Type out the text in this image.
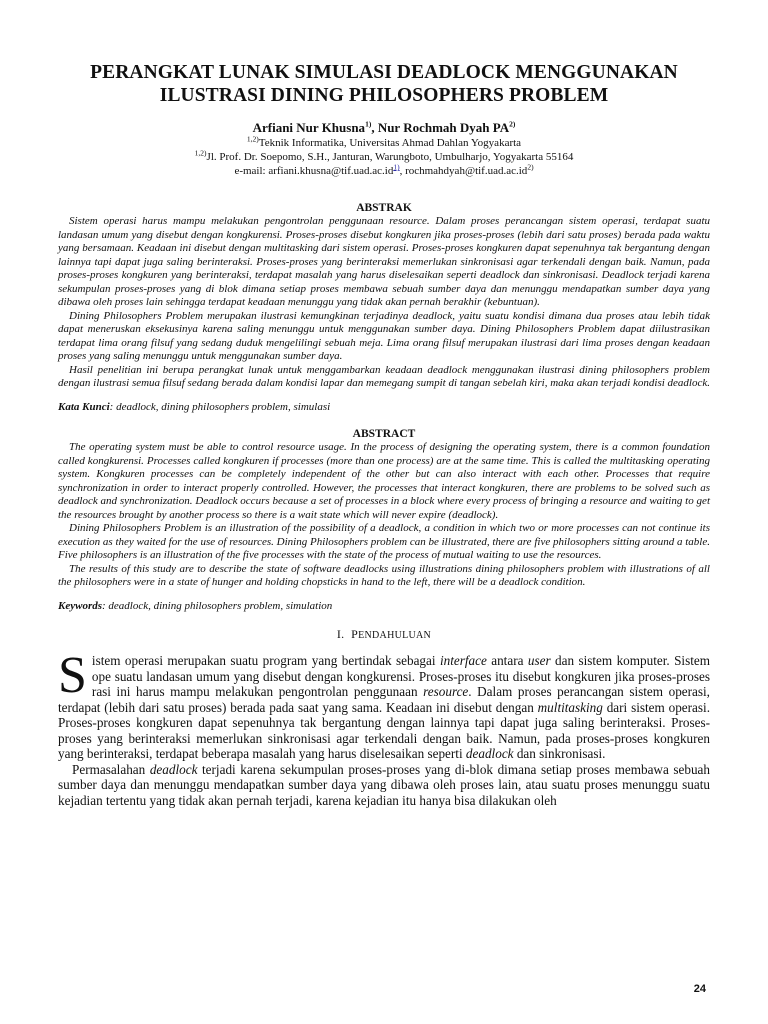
PERANGKAT LUNAK SIMULASI DEADLOCK MENGGUNAKAN
ILUSTRASI DINING PHILOSOPHERS PROBLEM
Arfiani Nur Khusna$^{1)}$, Nur Rochmah Dyah PA$^{2)}$
$^{1,2)}$Teknik Informatika, Universitas Ahmad Dahlan Yogyakarta
$^{1,2)}$Jl. Prof. Dr. Soepomo, S.H., Janturan, Warungboto, Umbulharjo, Yogyakarta 55164
e-mail: arfiani.khusna@tif.uad.ac.id$^{1)}$, $rochmahdyah@tif.uad.ac.id^{2)}$
ABSTRAK

Sistem operasi harus mampu melakukan pengontrolan penggunaan resource. Dalam proses perancangan sistem operasi, terdapat suatu landasan umum yang disebut dengan kongkurensi. Proses-proses disebut kongkuren jika proses-proses (lebih dari satu proses) berada pada waktu yang bersamaan. Keadaan ini disebut dengan multitasking dari sistem operasi. Proses-proses kongkuren dapat sepenuhnya tak bergantung dengan lainnya tapi dapat juga saling berinteraksi. Proses-proses yang berinteraksi memerlukan sinkronisasi agar terkendali dengan baik. Namun, pada proses-proses kongkuren yang berinteraksi, terdapat masalah yang harus diselesaikan seperti deadlock dan sinkronisasi. Deadlock terjadi karena sekumpulan proses-proses yang di blok dimana setiap proses membawa sebuah sumber daya dan menunggu mendapatkan sumber daya yang dibawa oleh proses lain sehingga terdapat keadaan menunggu yang tidak akan pernah berakhir (kebuntuan).

Dining Philosophers Problem merupakan ilustrasi kemungkinan terjadinya deadlock, yaitu suatu kondisi dimana dua proses atau lebih tidak dapat meneruskan eksekusinya karena saling menunggu untuk menggunakan sumber daya. Dining Philosophers Problem dapat diilustrasikan terdapat lima orang filsuf yang sedang duduk mengelilingi sebuah meja. Lima orang filsuf merupakan ilustrasi dari lima proses dengan keadaan proses yang saling menunggu untuk menggunakan sumber daya.

Hasil penelitian ini berupa perangkat lunak untuk menggambarkan keadaan deadlock menggunakan ilustrasi dining philosophers problem dengan ilustrasi semua filsuf sedang berada dalam kondisi lapar dan memegang sumpit di tangan sebelah kiri, maka akan terjadi kondisi deadlock.

Kata Kunci: deadlock, dining philosophers problem, simulasi

ABSTRACT

The operating system must be able to control resource usage. In the process of designing the operating system, there is a common foundation called kongkurensi. Processes called kongkuren if processes (more than one process) are at the same time. This is called the multitasking operating system. Kongkuren processes can be completely independent of the other but can also interact with each other. Processes that require synchronization in order to interact properly controlled. However, the processes that interact kongkuren, there are problems to be solved such as deadlock and synchronization. Deadlock occurs because a set of processes in a block where every process of bringing a resource and waiting to get the resources brought by another process so there is a wait state which will never expire (deadlock).

Dining Philosophers Problem is an illustration of the possibility of a deadlock, a condition in which two or more processes can not continue its execution as they waited for the use of resources. Dining Philosophers problem can be illustrated, there are five philosophers sitting around a table. Five philosophers is an illustration of the five processes with the state of the process of mutual waiting to use the resources.

The results of this study are to describe the state of software deadlocks using illustrations dining philosophers problem with illustrations of all the philosophers were in a state of hunger and holding chopsticks in hand to the left, there will be a deadlock condition.

Keywords: deadlock, dining philosophers problem, simulation

I. PENDAHULUAN

Sistem operasi merupakan suatu program yang bertindak sebagai interface antara user dan sistem komputer. Sistem ope suatu landasan umum yang disebut dengan kongkurensi. Proses-proses itu disebut kongkuren jika proses-proses rasi ini harus mampu melakukan pengontrolan penggunaan resource. Dalam proses perancangan sistem operasi, terdapat (lebih dari satu proses) berada pada saat yang sama. Keadaan ini disebut dengan multitasking dari sistem operasi. Proses-proses kongkuren dapat sepenuhnya tak bergantung dengan lainnya tapi dapat juga saling berinteraksi. Proses-proses yang berinteraksi memerlukan sinkronisasi agar terkendali dengan baik. Namun, pada proses-proses kongkuren yang berinteraksi, terdapat beberapa masalah yang harus diselesaikan seperti deadlock dan sinkronisasi.

Permasalahan deadlock terjadi karena sekumpulan proses-proses yang di-blok dimana setiap proses membawa sebuah sumber daya dan menunggu mendapatkan sumber daya yang dibawa oleh proses lain, atau suatu proses menunggu suatu kejadian tertentu yang tidak akan pernah terjadi, karena kejadian itu hanya bisa dilakukan oleh

24
